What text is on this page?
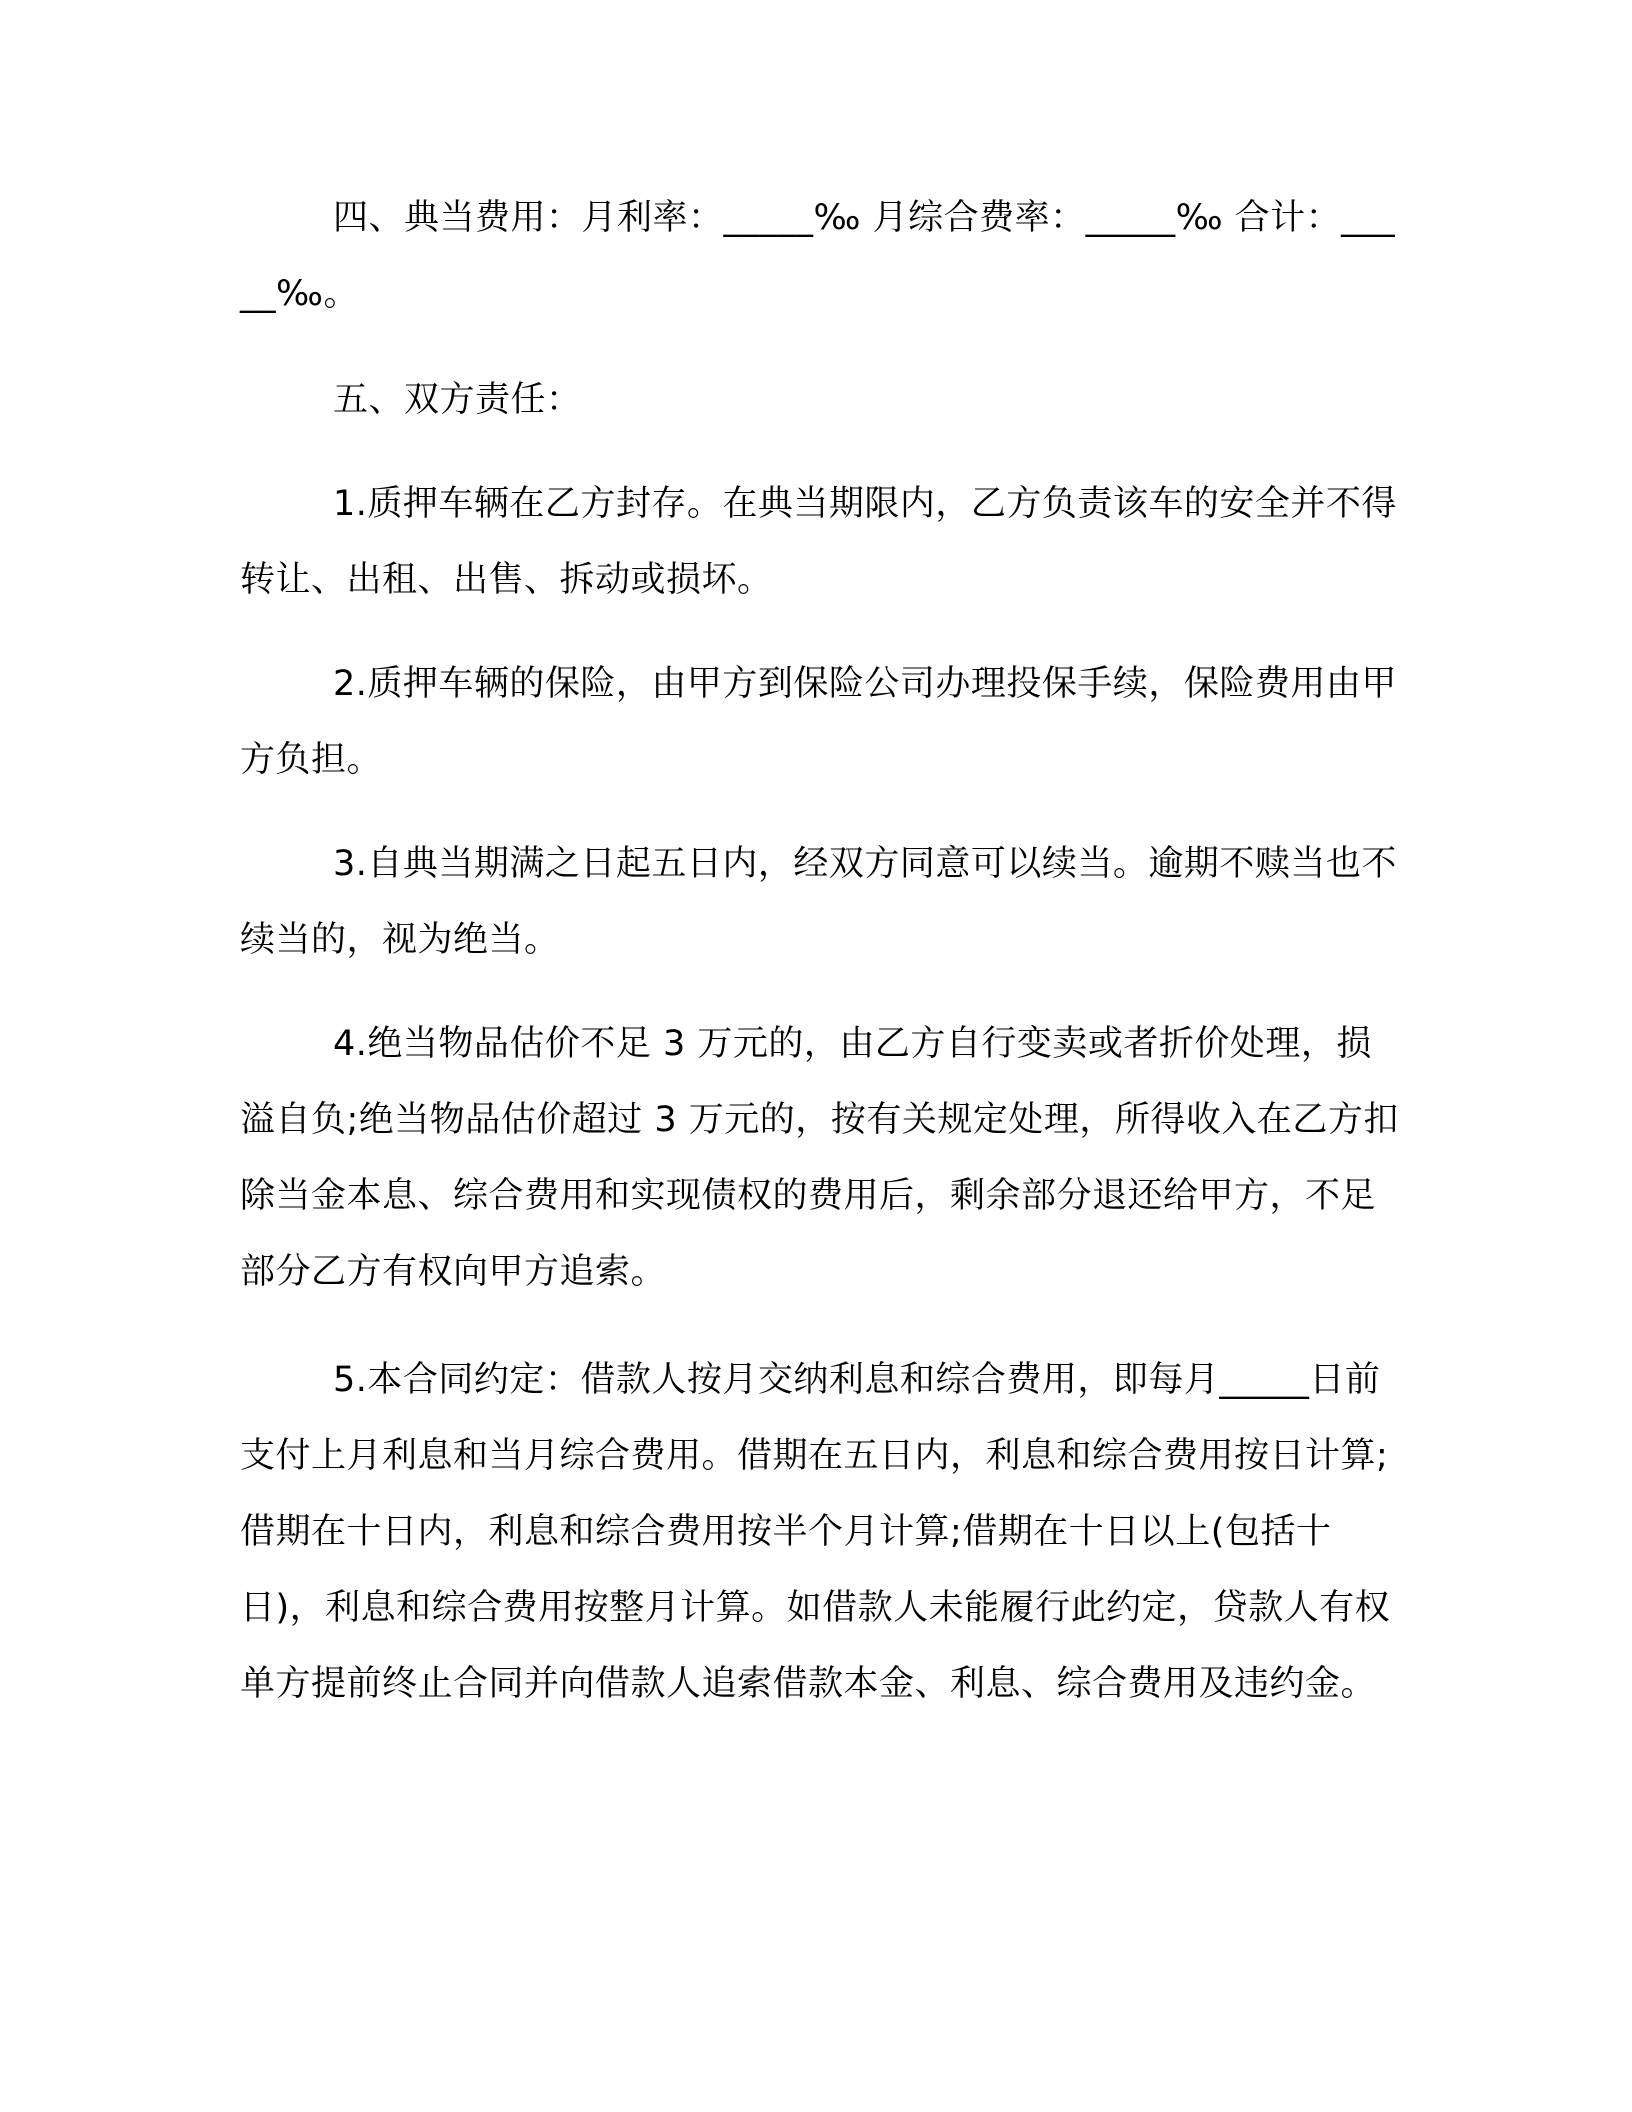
四、典当费用：月利率：_____‰ 月综合费率：_____‰ 合计：_____‰。

五、双方责任：

1.质押车辆在乙方封存。在典当期限内，乙方负责该车的安全并不得转让、出租、出售、拆动或损坏。

2.质押车辆的保险，由甲方到保险公司办理投保手续，保险费用由甲方负担。

3.自典当期满之日起五日内，经双方同意可以续当。逾期不赎当也不续当的，视为绝当。

4.绝当物品估价不足 3 万元的，由乙方自行变卖或者折价处理，损溢自负;绝当物品估价超过 3 万元的，按有关规定处理，所得收入在乙方扣除当金本息、综合费用和实现债权的费用后，剩余部分退还给甲方，不足部分乙方有权向甲方追索。

5.本合同约定：借款人按月交纳利息和综合费用，即每月_____日前支付上月利息和当月综合费用。借期在五日内，利息和综合费用按日计算;借期在十日内，利息和综合费用按半个月计算;借期在十日以上(包括十日)，利息和综合费用按整月计算。如借款人未能履行此约定，贷款人有权单方提前终止合同并向借款人追索借款本金、利息、综合费用及违约金。
